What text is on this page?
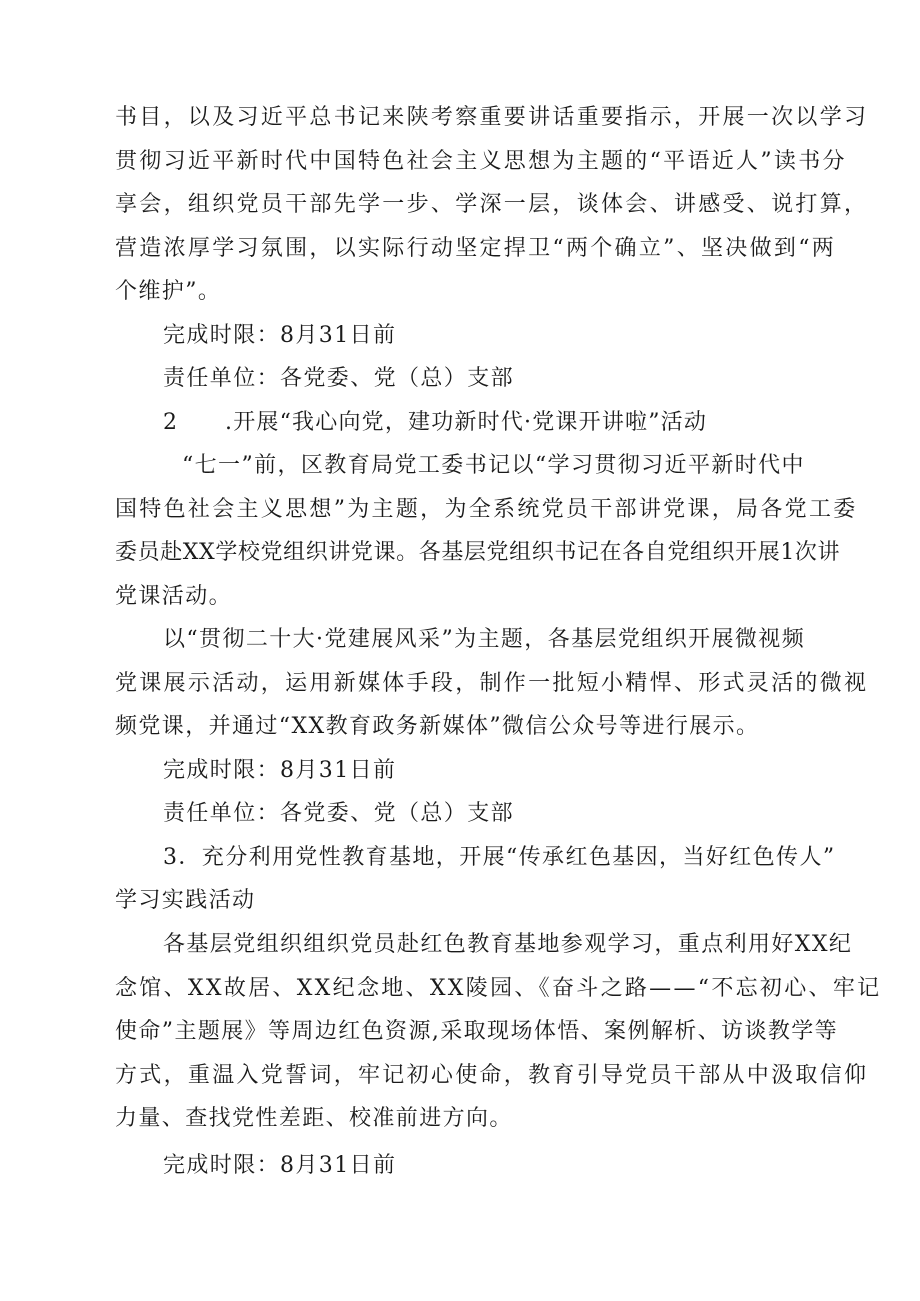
书目，以及习近平总书记来陕考察重要讲话重要指示，开展一次以学习
贯彻习近平新时代中国特色社会主义思想为主题的“平语近人”读书分
享会，组织党员干部先学一步、学深一层，谈体会、讲感受、说打算，
营造浓厚学习氛围，以实际行动坚定捍卫“两个确立”、坚决做到“两
个维护”。
完成时限：8月31日前
责任单位：各党委、党（总）支部
2 .开展“我心向党，建功新时代·党课开讲啦”活动
“七一”前，区教育局党工委书记以“学习贯彻习近平新时代中
国特色社会主义思想”为主题，为全系统党员干部讲党课，局各党工委
委员赴XX学校党组织讲党课。各基层党组织书记在各自党组织开展1次讲
党课活动。
以“贯彻二十大·党建展风采”为主题，各基层党组织开展微视频
党课展示活动，运用新媒体手段，制作一批短小精悍、形式灵活的微视
频党课，并通过“XX教育政务新媒体”微信公众号等进行展示。
完成时限：8月31日前
责任单位：各党委、党（总）支部
3．充分利用党性教育基地，开展“传承红色基因，当好红色传人”
学习实践活动
各基层党组织组织党员赴红色教育基地参观学习，重点利用好XX纪
念馆、XX故居、XX纪念地、XX陵园、《奋斗之路——“不忘初心、牢记
使命”主题展》等周边红色资源,采取现场体悟、案例解析、访谈教学等
方式，重温入党誓词，牢记初心使命，教育引导党员干部从中汲取信仰
力量、查找党性差距、校准前进方向。
完成时限：8月31日前
